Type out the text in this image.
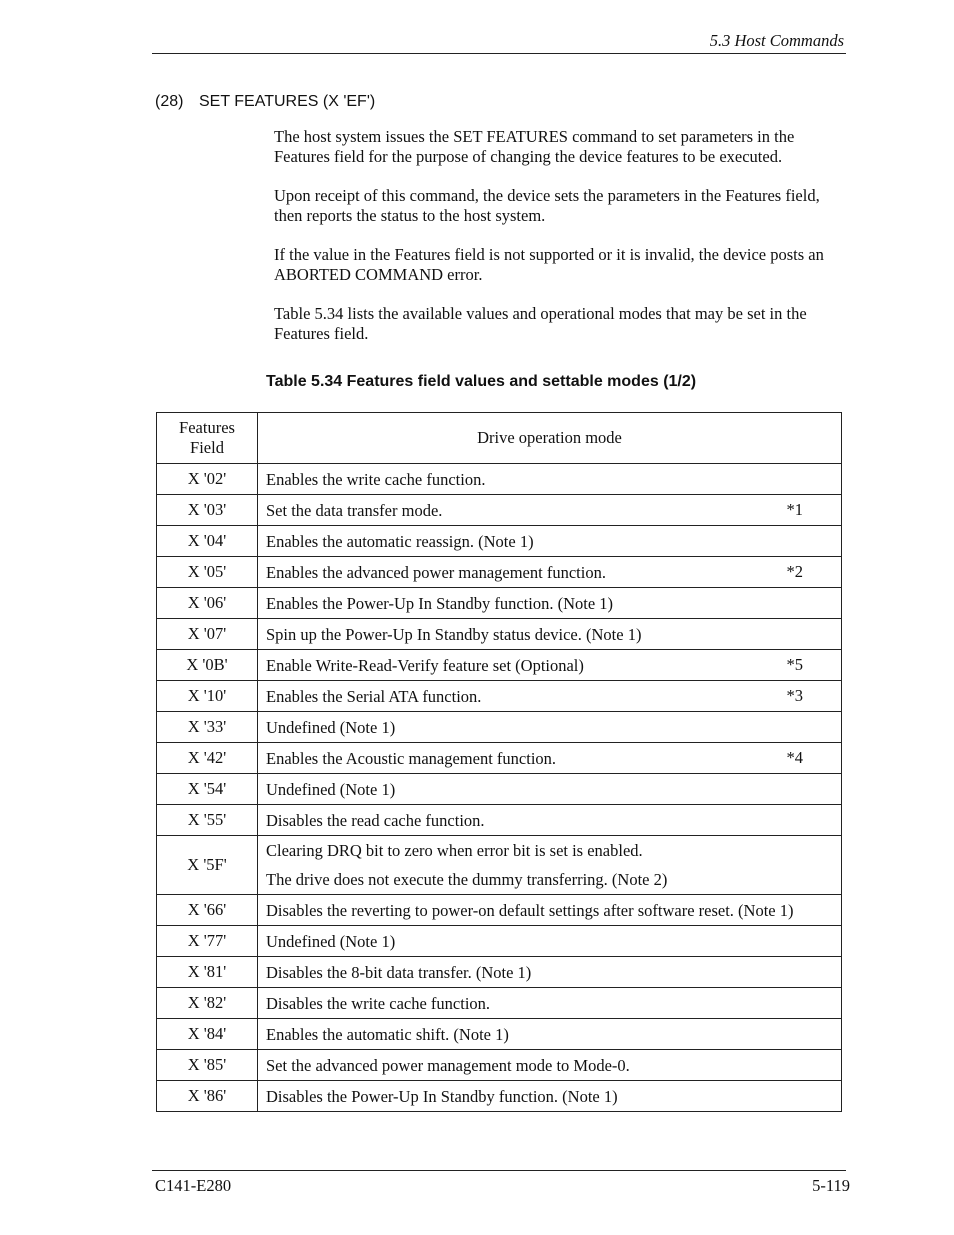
5.3 Host Commands
(28) SET FEATURES (X 'EF')

The host system issues the SET FEATURES command to set parameters in the Features field for the purpose of changing the device features to be executed.

Upon receipt of this command, the device sets the parameters in the Features field, then reports the status to the host system.

If the value in the Features field is not supported or it is invalid, the device posts an ABORTED COMMAND error.

Table 5.34 lists the available values and operational modes that may be set in the Features field.

Table 5.34 Features field values and settable modes (1/2)
Features
Field	Drive operation mode
X '02'	Enables the write cache function.

X '03'	Set the data transfer mode. *1

X '04'	Enables the automatic reassign. (Note 1)

X '05'	Enables the advanced power management function. *2

X '06'	Enables the Power-Up In Standby function. (Note 1)

X '07'	Spin up the Power-Up In Standby status device. (Note 1)

X '0B'	Enable Write-Read-Verify feature set (Optional) *5

X '10'	Enables the Serial ATA function. *3

X '33'	Undefined (Note 1)

X '42'	Enables the Acoustic management function. *4

X '54'	Undefined (Note 1)

X '55'	Disables the read cache function.

X '5F'	Clearing DRQ bit to zero when error bit is set is enabled.
The drive does not execute the dummy transferring. (Note 2)

X '66'	Disables the reverting to power-on default settings after software reset. (Note 1)

X '77'	Undefined (Note 1)

X '81'	Disables the 8-bit data transfer. (Note 1)

X '82'	Disables the write cache function.

X '84'	Enables the automatic shift. (Note 1)

X '85'	Set the advanced power management mode to Mode-0.

X '86'	Disables the Power-Up In Standby function. (Note 1)
C141-E280	5-119
